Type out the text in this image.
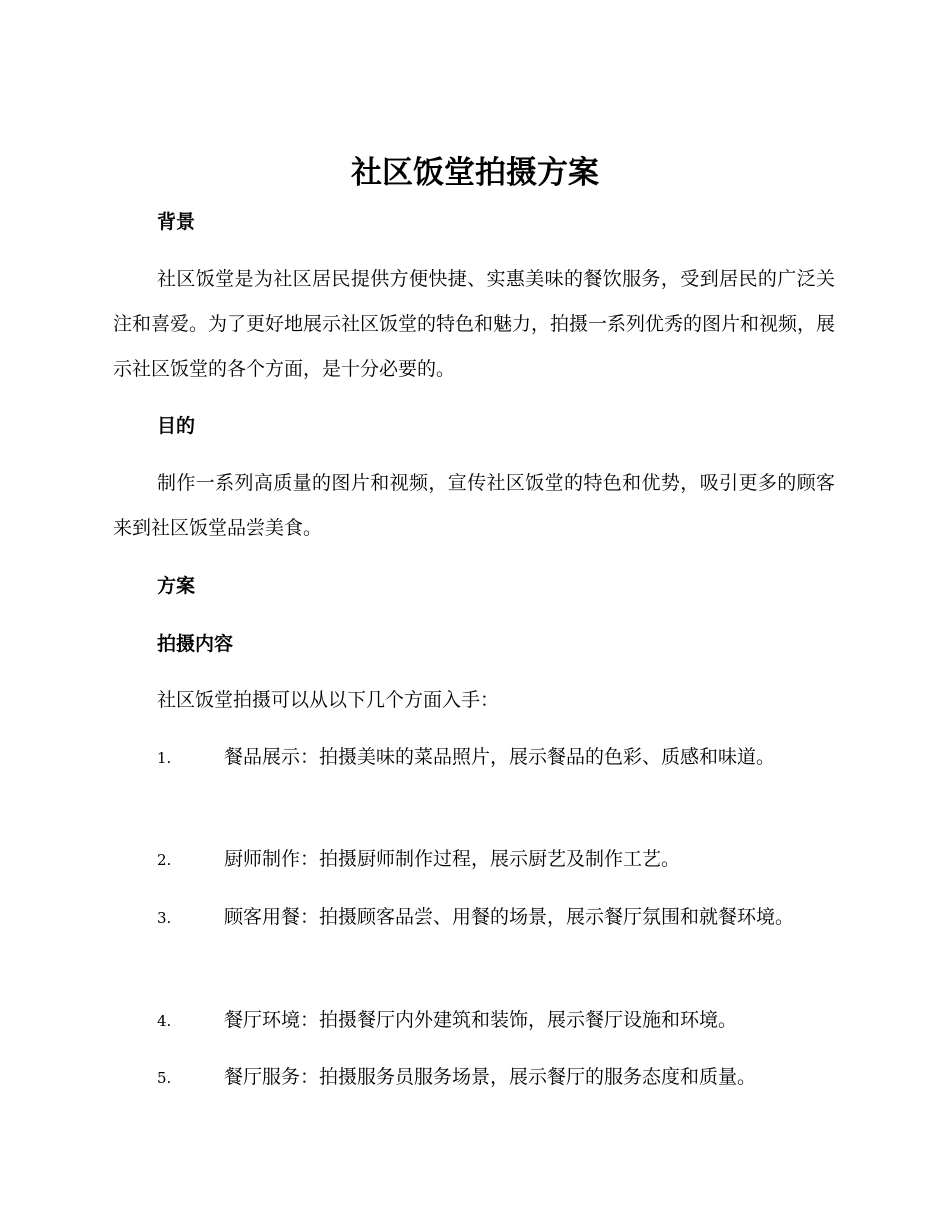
社区饭堂拍摄方案
背景

社区饭堂是为社区居民提供方便快捷、实惠美味的餐饮服务，受到居民的广泛关注和喜爱。为了更好地展示社区饭堂的特色和魅力，拍摄一系列优秀的图片和视频，展示社区饭堂的各个方面，是十分必要的。

目的

制作一系列高质量的图片和视频，宣传社区饭堂的特色和优势，吸引更多的顾客来到社区饭堂品尝美食。

方案
拍摄内容

社区饭堂拍摄可以从以下几个方面入手：

1.	餐品展示：拍摄美味的菜品照片，展示餐品的色彩、质感和味道。

2.	厨师制作：拍摄厨师制作过程，展示厨艺及制作工艺。

3.	顾客用餐：拍摄顾客品尝、用餐的场景，展示餐厅氛围和就餐环境。

4.	餐厅环境：拍摄餐厅内外建筑和装饰，展示餐厅设施和环境。

5.	餐厅服务：拍摄服务员服务场景，展示餐厅的服务态度和质量。
